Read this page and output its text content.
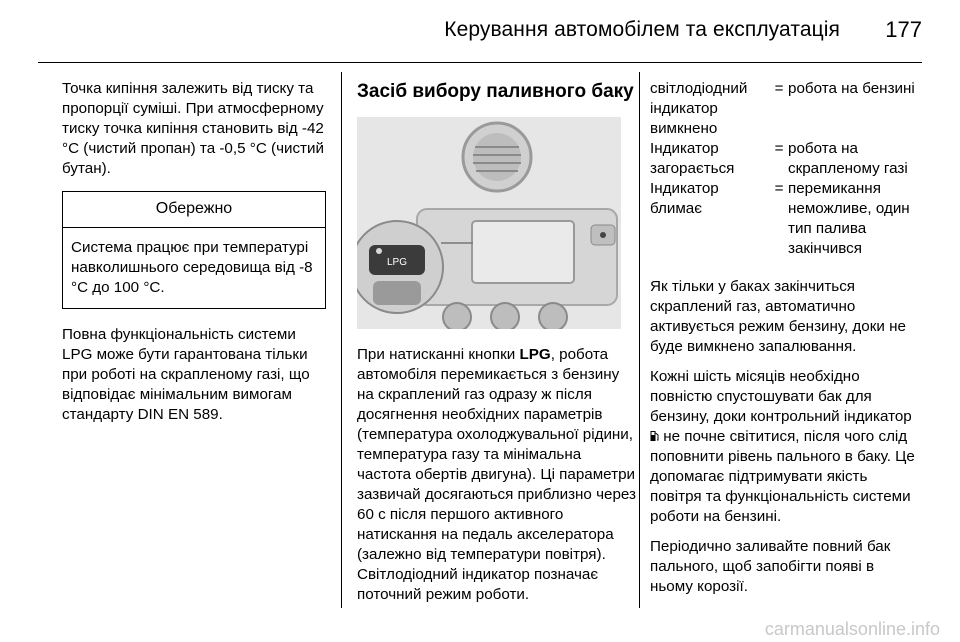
Керування автомобілем та експлуатація 177

Точка кипіння залежить від тиску та пропорції суміші. При атмосферному тиску точка кипіння становить від -42 °C (чистий пропан) та -0,5 °C (чистий бутан).

Обережно
Система працює при температурі навколишнього середовища від -8 °C до 100 °C.

Повна функціональність системи LPG може бути гарантована тільки при роботі на скрапленому газі, що відповідає мінімальним вимогам стандарту DIN EN 589.

Засіб вибору паливного баку
LPG

При натисканні кнопки LPG, робота автомобіля перемикається з бензину на скраплений газ одразу ж після досягнення необхідних параметрів (температура охолоджувальної рідини, температура газу та мінімальна частота обертів двигуна). Ці параметри зазвичай досягаються приблизно через 60 с після першого активного натискання на педаль акселератора (залежно від температури повітря).

Світлодіодний індикатор позначає поточний режим роботи.

світлодіодний індикатор вимкнено	=	робота на бензині
Індикатор загорається	=	робота на скрапленому газі
Індикатор блимає	=	перемикання неможливе, один тип палива закінчився

Як тільки у баках закінчиться скраплений газ, автоматично активується режим бензину, доки не буде вимкнено запалювання.

Кожні шість місяців необхідно повністю спустошувати бак для бензину, доки контрольний індикатор  не почне світитися, після чого слід поповнити рівень пального в баку. Це допомагає підтримувати якість повітря та функціональність системи роботи на бензині.

Періодично заливайте повний бак пального, щоб запобігти появі в ньому корозії.

carmanualsonline.info
